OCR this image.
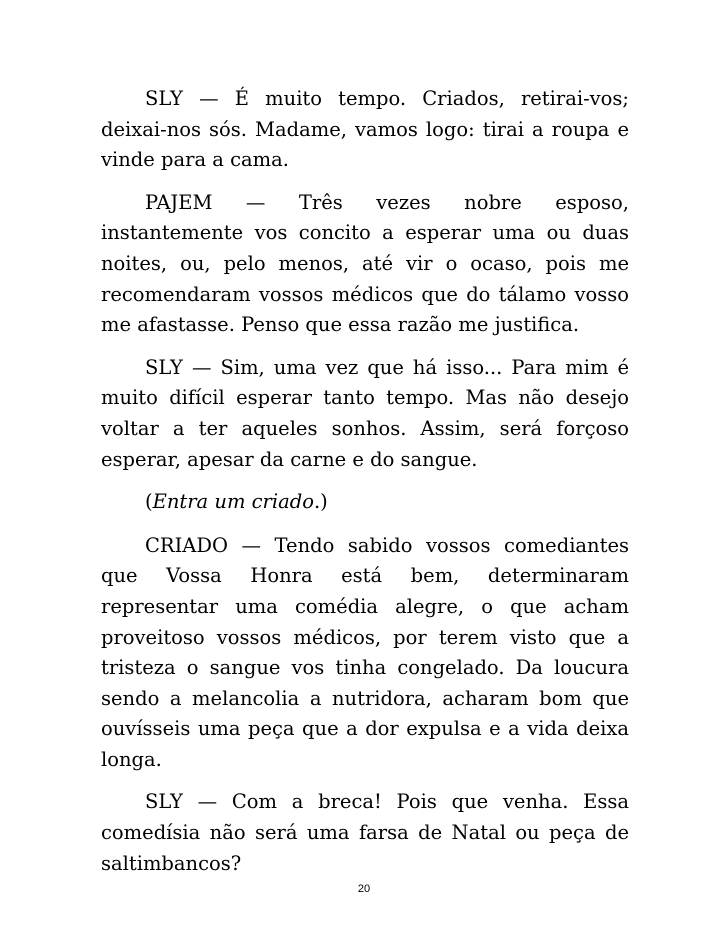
SLY — É muito tempo. Criados, retirai-vos; deixai-nos sós. Madame, vamos logo: tirai a roupa e vinde para a cama.

PAJEM — Três vezes nobre esposo, instantemente vos concito a esperar uma ou duas noites, ou, pelo menos, até vir o ocaso, pois me recomendaram vossos médicos que do tálamo vosso me afastasse. Penso que essa razão me justifica.

SLY — Sim, uma vez que há isso... Para mim é muito difícil esperar tanto tempo. Mas não desejo voltar a ter aqueles sonhos. Assim, será forçoso esperar, apesar da carne e do sangue.

(Entra um criado.)

CRIADO — Tendo sabido vossos comediantes que Vossa Honra está bem, determinaram representar uma comédia alegre, o que acham proveitoso vossos médicos, por terem visto que a tristeza o sangue vos tinha congelado. Da loucura sendo a melancolia a nutridora, acharam bom que ouvísseis uma peça que a dor expulsa e a vida deixa longa.

SLY — Com a breca! Pois que venha. Essa comedísia não será uma farsa de Natal ou peça de saltimbancos?

20
